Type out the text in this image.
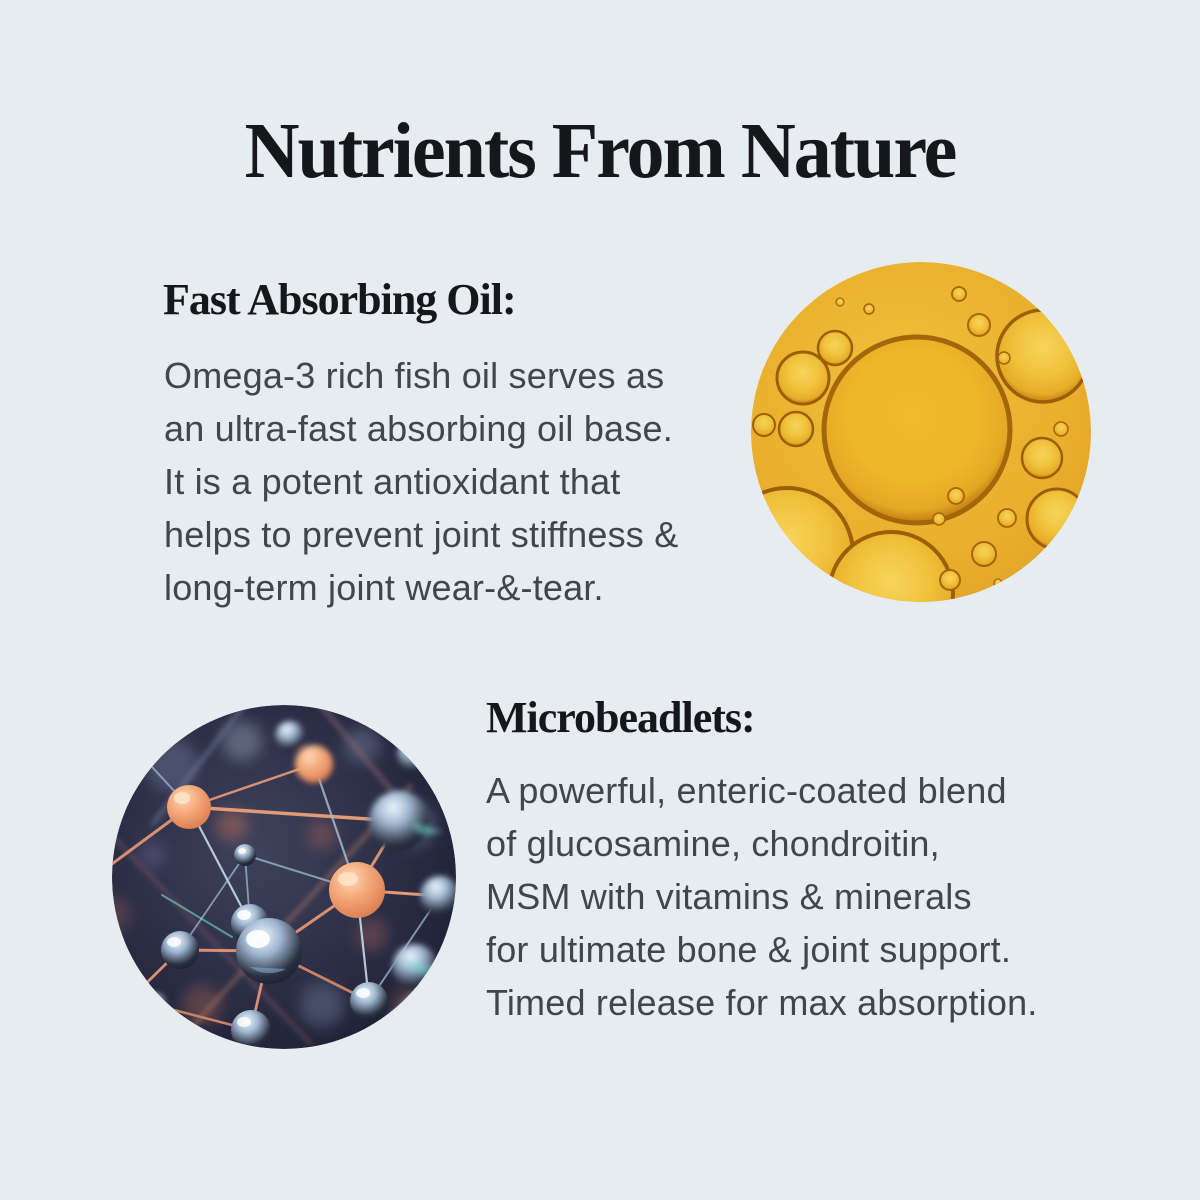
Nutrients From Nature
Fast Absorbing Oil:
Omega-3 rich fish oil serves as
an ultra-fast absorbing oil base.
It is a potent antioxidant that
helps to prevent joint stiffness &
long-term joint wear-&-tear.
Microbeadlets:
A powerful, enteric-coated blend
of glucosamine, chondroitin,
MSM with vitamins & minerals
for ultimate bone & joint support.
Timed release for max absorption.
